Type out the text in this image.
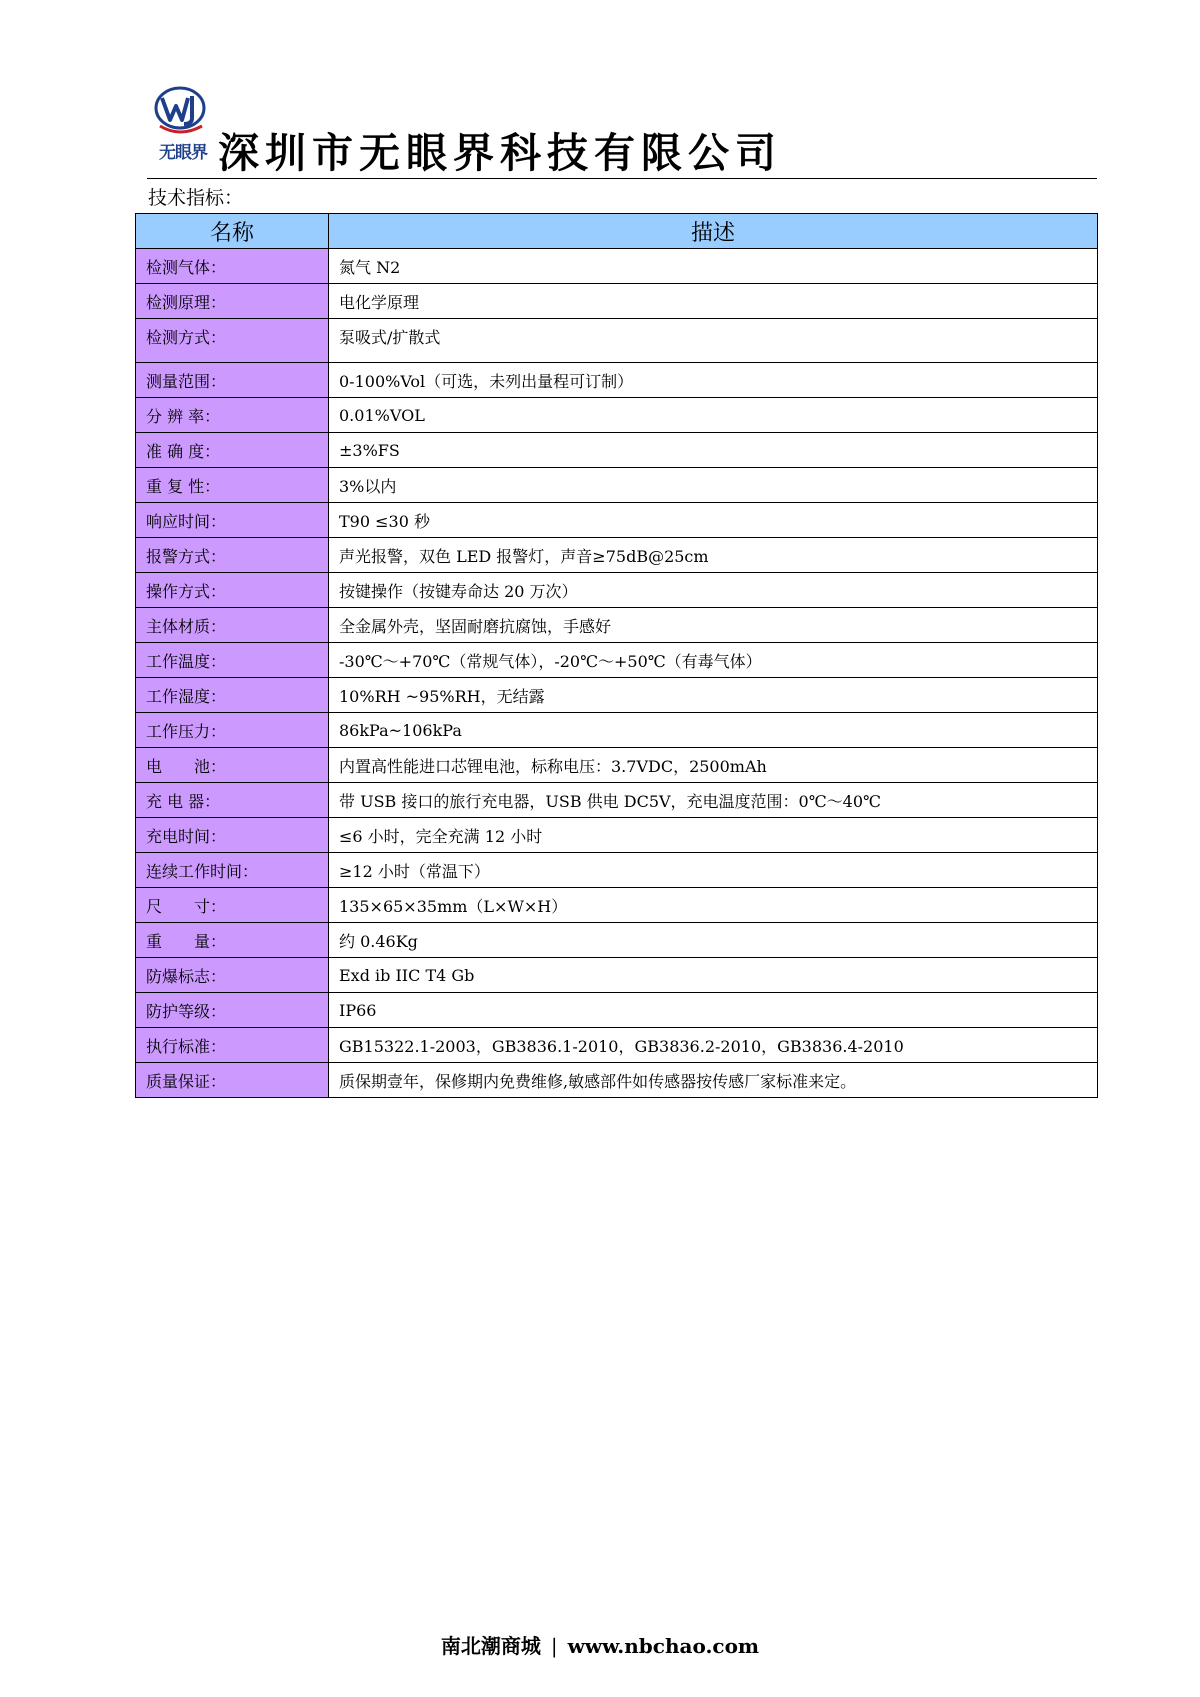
无眼界 深圳市无眼界科技有限公司
技术指标：
名称	描述
检测气体：	氮气 N2
检测原理：	电化学原理
检测方式：	泵吸式/扩散式
测量范围：	0-100%Vol（可选，未列出量程可订制）
分 辨 率：	0.01%VOL
准 确 度：	±3%FS
重 复 性：	3%以内
响应时间：	T90 ≤30 秒
报警方式：	声光报警，双色 LED 报警灯，声音≥75dB@25cm
操作方式：	按键操作（按键寿命达 20 万次）
主体材质：	全金属外壳，坚固耐磨抗腐蚀，手感好
工作温度：	-30℃～+70℃（常规气体），-20℃～+50℃（有毒气体）
工作湿度：	10%RH ~95%RH，无结露
工作压力：	86kPa~106kPa
电　　池：	内置高性能进口芯锂电池，标称电压：3.7VDC，2500mAh
充 电 器：	带 USB 接口的旅行充电器，USB 供电 DC5V，充电温度范围：0℃～40℃
充电时间：	≤6 小时，完全充满 12 小时
连续工作时间：	≥12 小时（常温下）
尺　　寸：	135×65×35mm（L×W×H）
重　　量：	约 0.46Kg
防爆标志：	Exd ib IIC T4 Gb
防护等级：	IP66
执行标准：	GB15322.1-2003，GB3836.1-2010，GB3836.2-2010，GB3836.4-2010
质量保证：	质保期壹年，保修期内免费维修,敏感部件如传感器按传感厂家标准来定。
南北潮商城 | www.nbchao.com
